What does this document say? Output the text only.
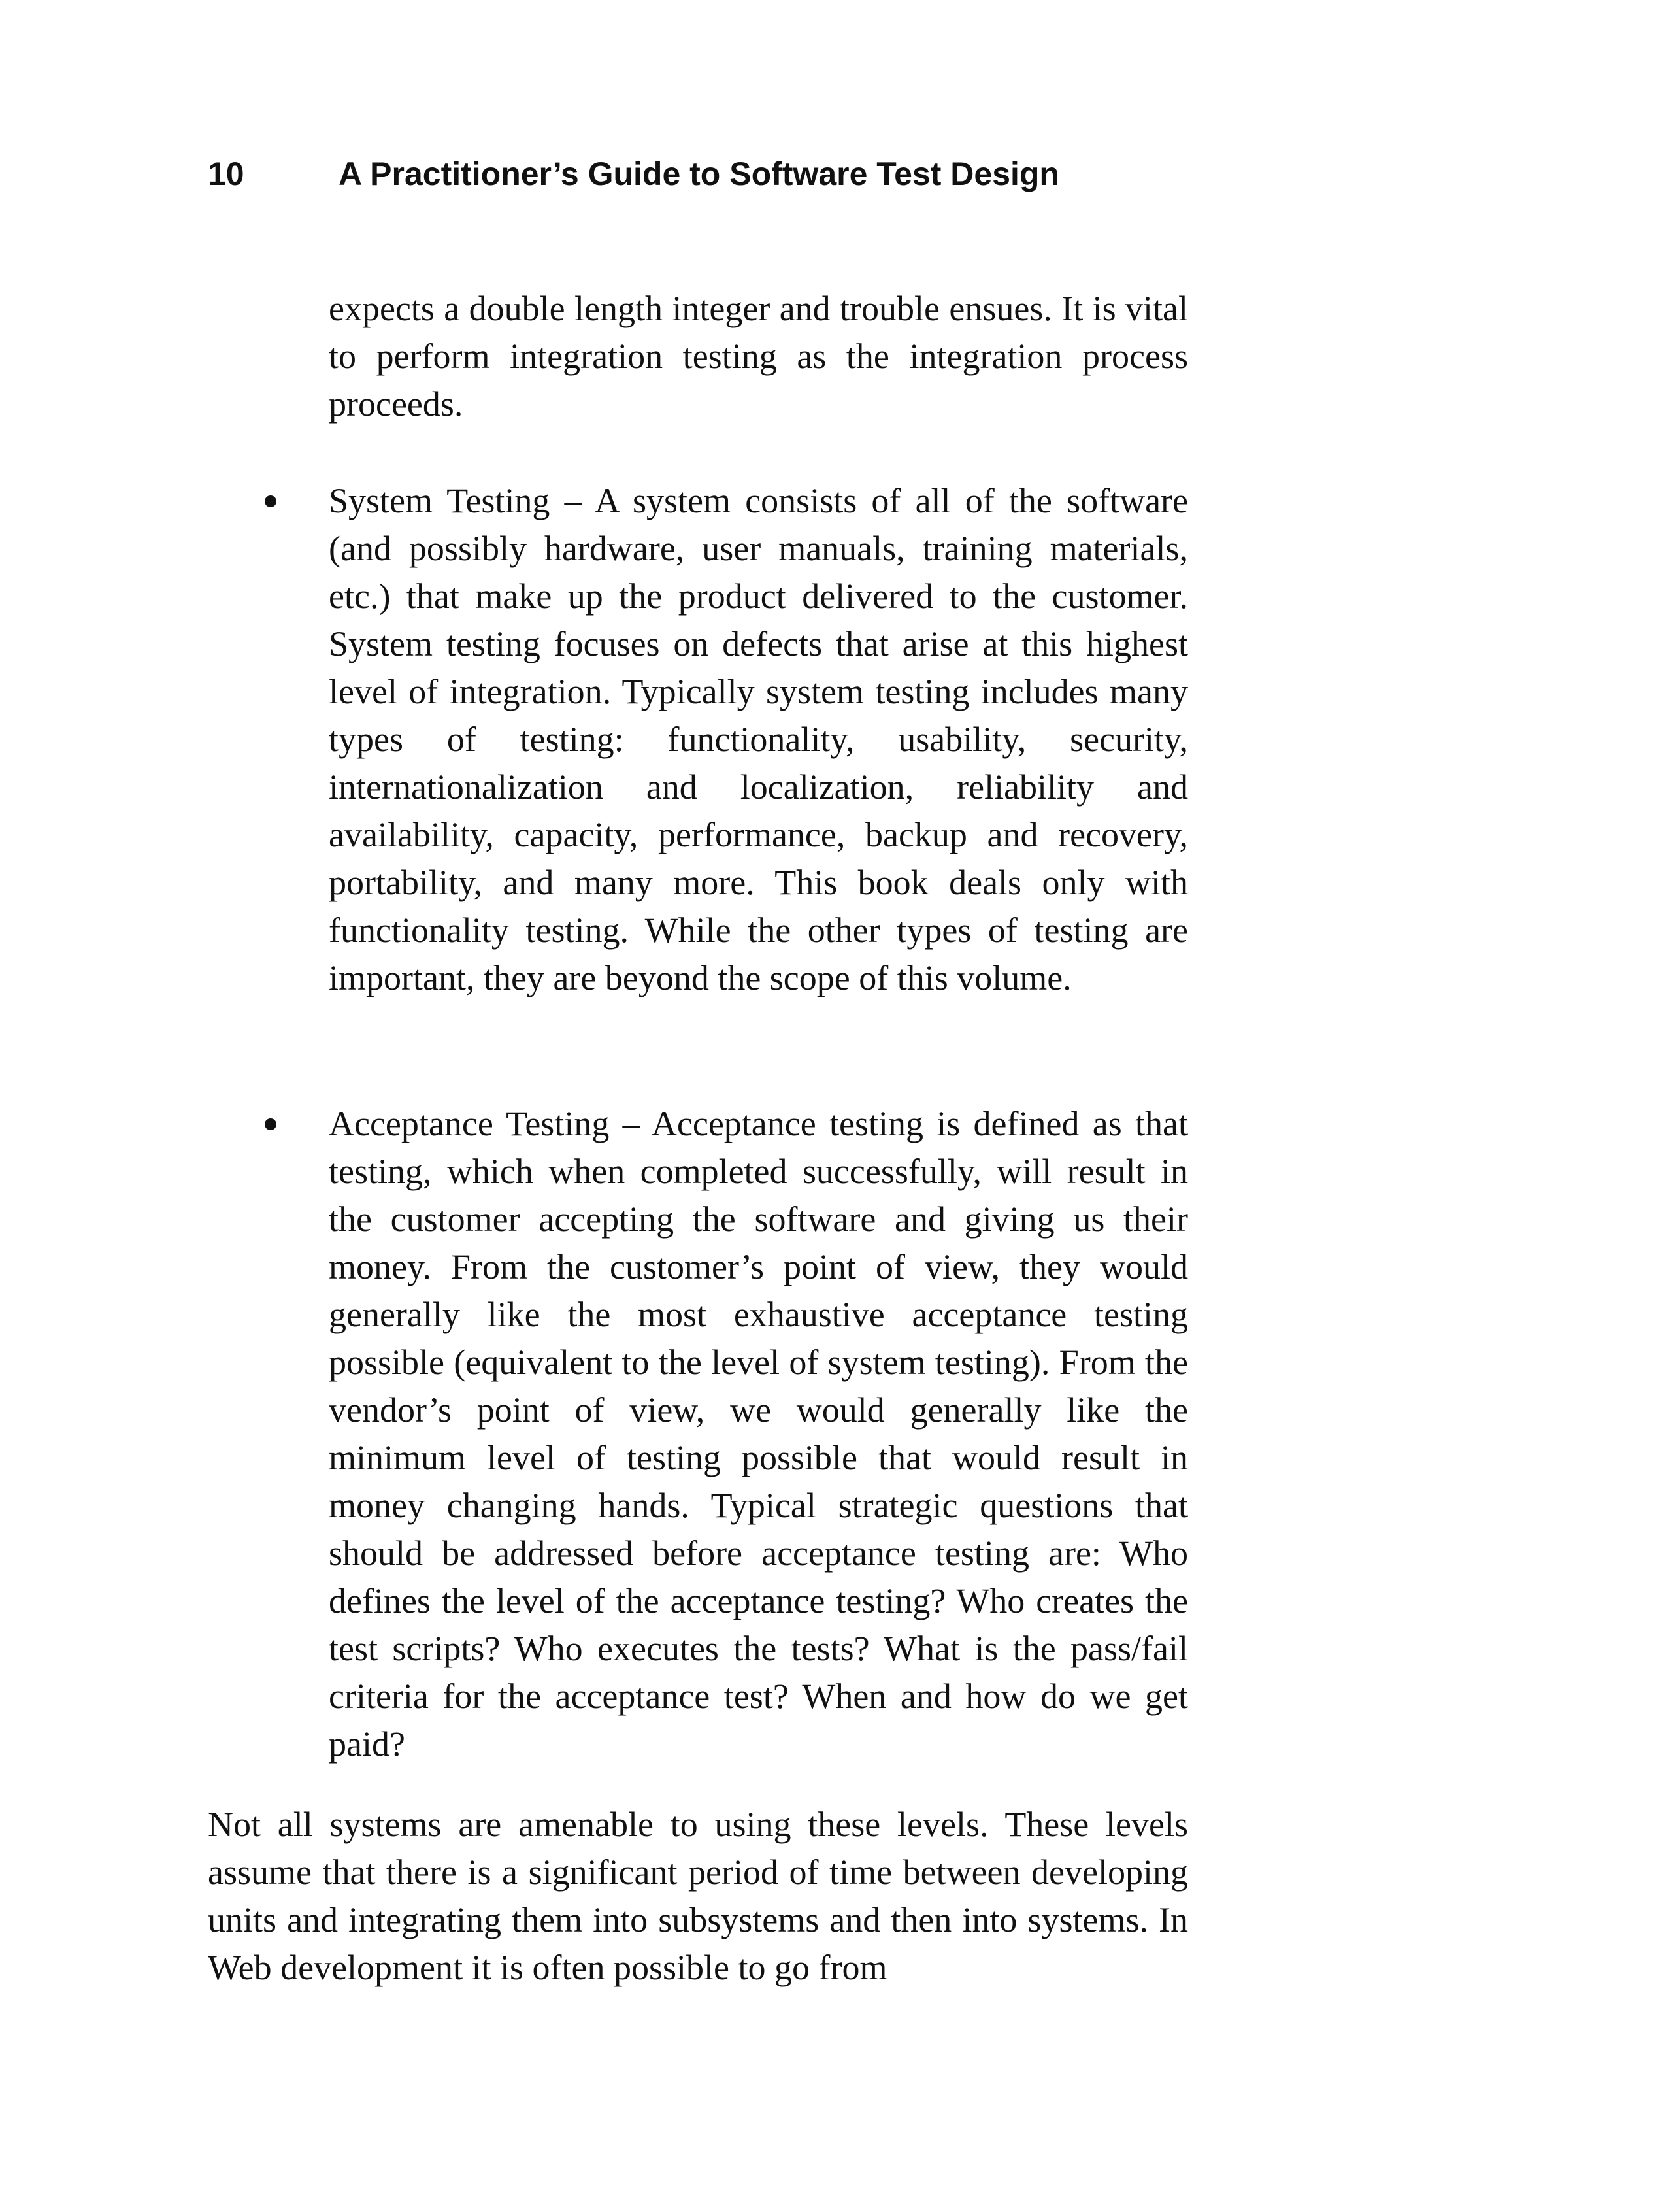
10	A Practitioner’s Guide to Software Test Design

expects a double length integer and trouble ensues. It is vital to perform integration testing as the integration process proceeds.

System Testing – A system consists of all of the software (and possibly hardware, user manuals, training materials, etc.) that make up the product delivered to the customer. System testing focuses on defects that arise at this highest level of integration. Typically system testing includes many types of testing: functionality, usability, security, internationalization and localization, reliability and availability, capacity, performance, backup and recovery, portability, and many more. This book deals only with functionality testing. While the other types of testing are important, they are beyond the scope of this volume.
Acceptance Testing – Acceptance testing is defined as that testing, which when completed successfully, will result in the customer accepting the software and giving us their money. From the customer’s point of view, they would generally like the most exhaustive acceptance testing possible (equivalent to the level of system testing). From the vendor’s point of view, we would generally like the minimum level of testing possible that would result in money changing hands. Typical strategic questions that should be addressed before acceptance testing are: Who defines the level of the acceptance testing? Who creates the test scripts? Who executes the tests? What is the pass/fail criteria for the acceptance test? When and how do we get paid?

Not all systems are amenable to using these levels. These levels assume that there is a significant period of time between developing units and integrating them into subsystems and then into systems. In Web development it is often possible to go from
